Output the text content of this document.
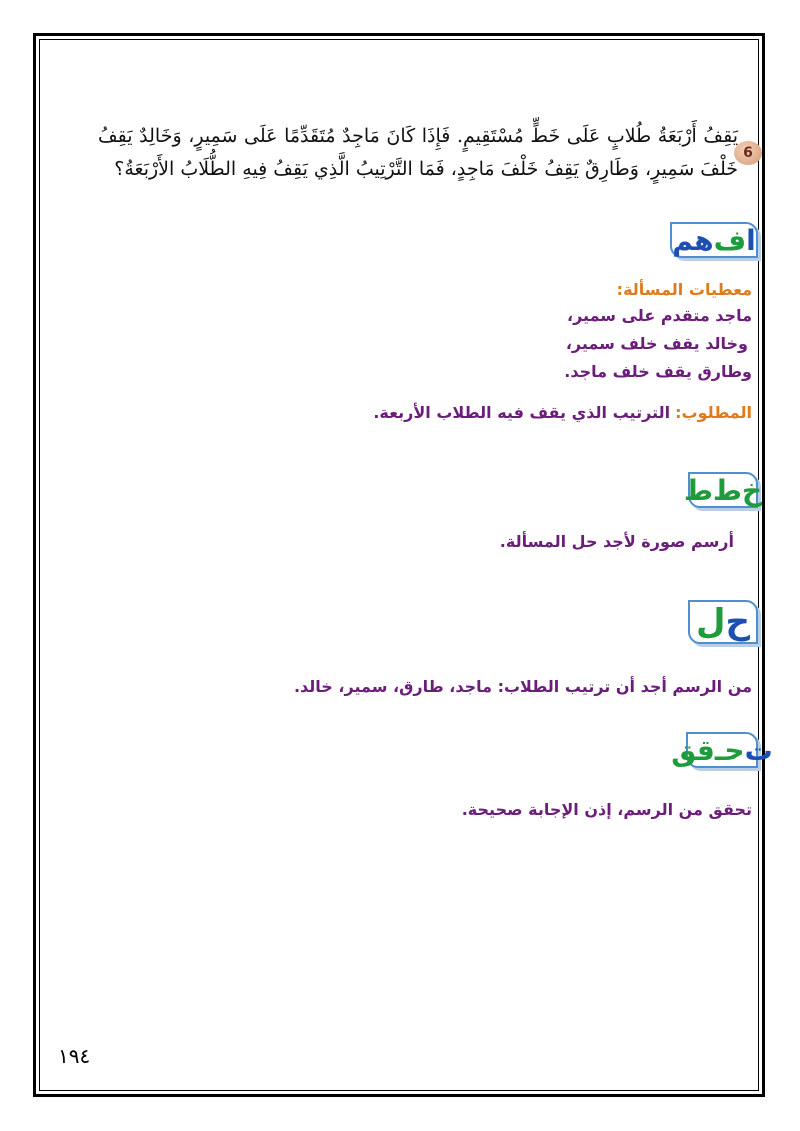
6
يَقِفُ أَرْبَعَةُ طُلابٍ عَلَى خَطٍّ مُسْتَقِيمٍ. فَإِذَا كَانَ مَاجِدٌ مُتَقَدِّمًا عَلَى سَمِيرٍ، وَخَالِدٌ يَقِفُ خَلْفَ سَمِيرٍ، وَطَارِقٌ يَقِفُ خَلْفَ مَاجِدٍ، فَمَا التَّرْتِيبُ الَّذِي يَقِفُ فِيهِ الطُّلَابُ الأَرْبَعَةُ؟
ا
ف
هم
معطيات المسألة:
ماجد متقدم على سمير،
وخالد يقف خلف سمير،
وطارق يقف خلف ماجد.
المطلوب: الترتيب الذي يقف فيه الطلاب الأربعة.
خ
ط
ط
أرسم صورة لأجد حل المسألة.
ح
ل
من الرسم أجد أن ترتيب الطلاب: ماجد، طارق، سمير، خالد.
ت
حـ
قق
تحقق من الرسم، إذن الإجابة صحيحة.
١٩٤
